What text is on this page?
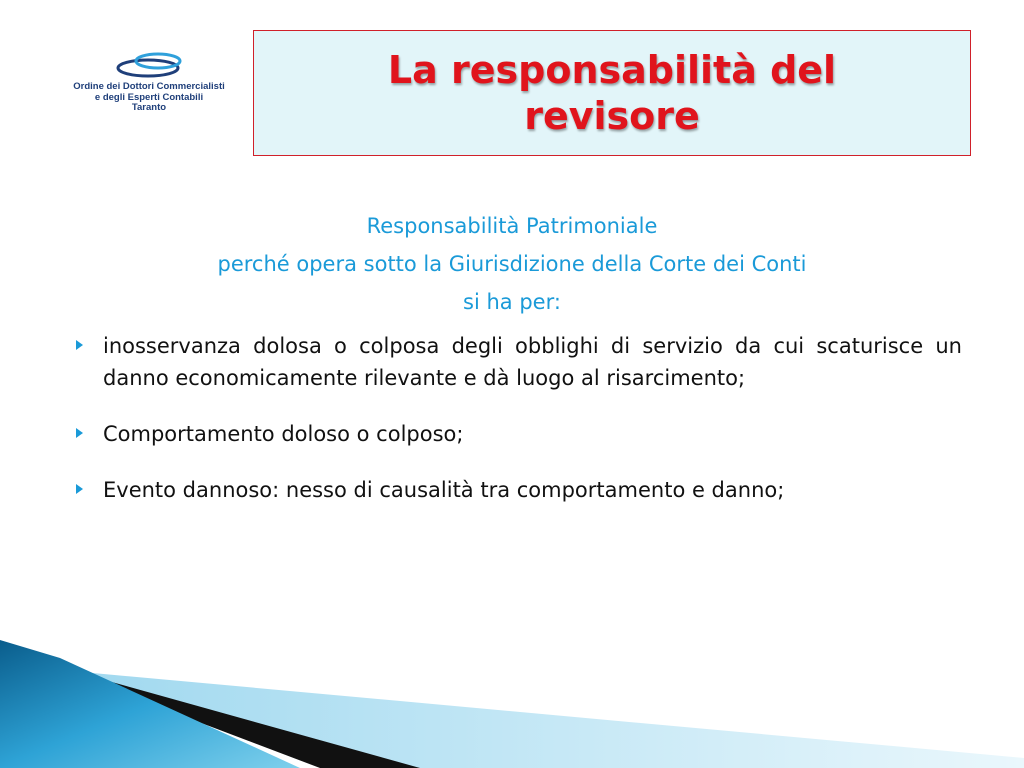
Ordine dei Dottori Commercialisti
e degli Esperti Contabili
Taranto
La responsabilità del
revisore
Responsabilità Patrimoniale
perché opera sotto la Giurisdizione della Corte dei Conti
si ha per:
inosservanza dolosa o colposa degli obblighi di servizio da cui scaturisce un danno economicamente rilevante e dà luogo al risarcimento;
Comportamento doloso o colposo;
Evento dannoso: nesso di causalità tra comportamento e danno;
